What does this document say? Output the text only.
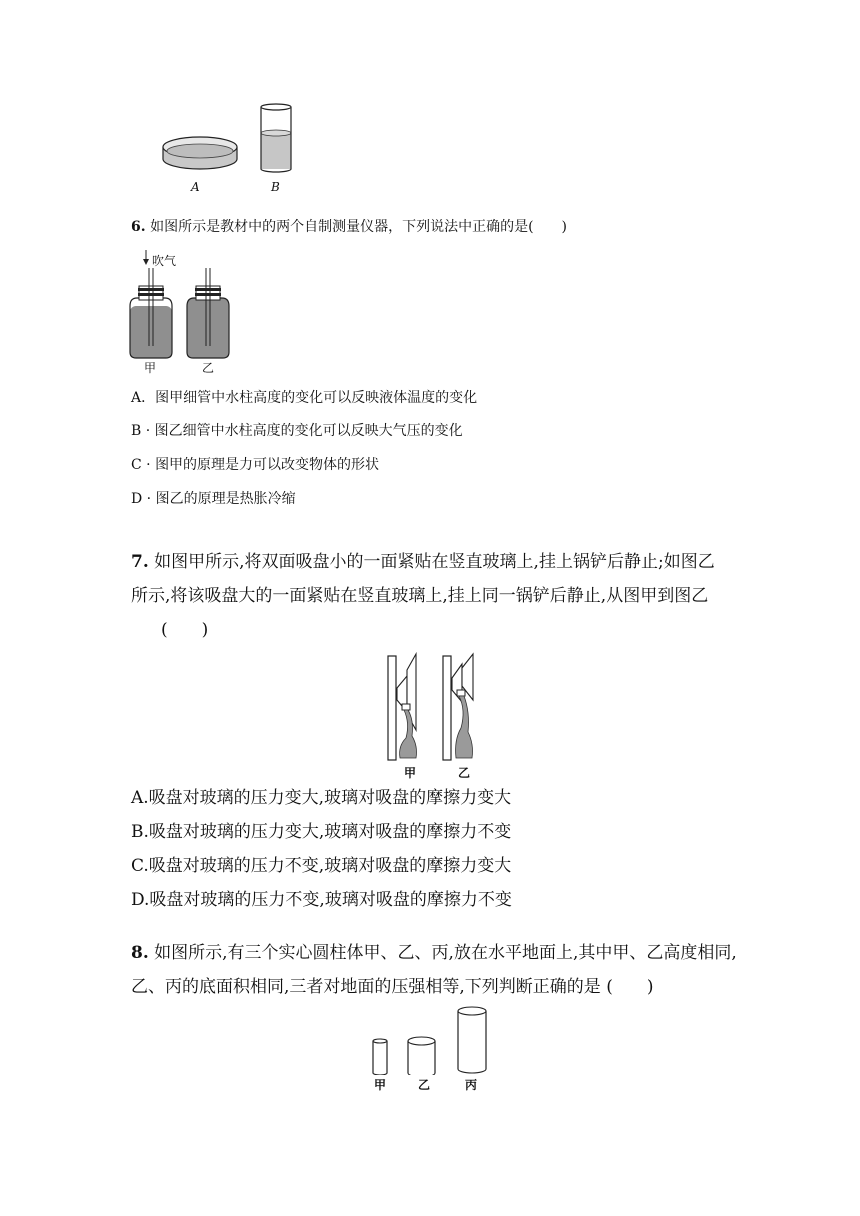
A	B
6. 如图所示是教材中的两个自制测量仪器，下列说法中正确的是(　　)
吹气
甲	乙
A．图甲细管中水柱高度的变化可以反映液体温度的变化
B · 图乙细管中水柱高度的变化可以反映大气压的变化
C · 图甲的原理是力可以改变物体的形状
D · 图乙的原理是热胀冷缩
7. 如图甲所示,将双面吸盘小的一面紧贴在竖直玻璃上,挂上锅铲后静止;如图乙
所示,将该吸盘大的一面紧贴在竖直玻璃上,挂上同一锅铲后静止,从图甲到图乙
(　　)
甲	乙
A.吸盘对玻璃的压力变大,玻璃对吸盘的摩擦力变大
B.吸盘对玻璃的压力变大,玻璃对吸盘的摩擦力不变
C.吸盘对玻璃的压力不变,玻璃对吸盘的摩擦力变大
D.吸盘对玻璃的压力不变,玻璃对吸盘的摩擦力不变
8. 如图所示,有三个实心圆柱体甲、乙、丙,放在水平地面上,其中甲、乙高度相同,
乙、丙的底面积相同,三者对地面的压强相等,下列判断正确的是 (　　)
甲	乙	丙
